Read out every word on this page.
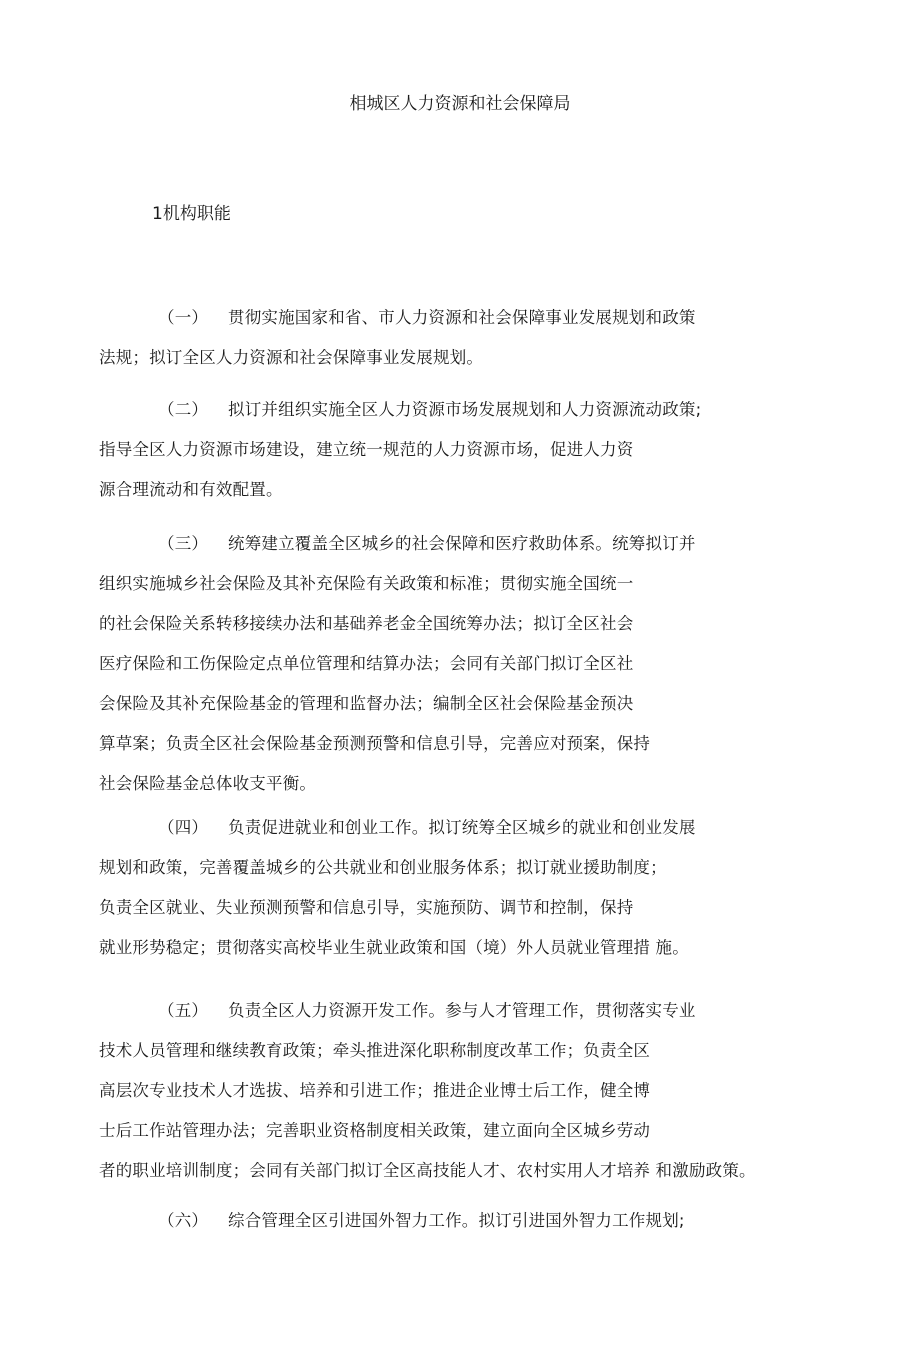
相城区人力资源和社会保障局
1机构职能
（一） 贯彻实施国家和省、市人力资源和社会保障事业发展规划和政策
法规；拟订全区人力资源和社会保障事业发展规划。
（二） 拟订并组织实施全区人力资源市场发展规划和人力资源流动政策;
指导全区人力资源市场建设，建立统一规范的人力资源市场，促进人力资
源合理流动和有效配置。
（三） 统筹建立覆盖全区城乡的社会保障和医疗救助体系。统筹拟订并
组织实施城乡社会保险及其补充保险有关政策和标准；贯彻实施全国统一
的社会保险关系转移接续办法和基础养老金全国统筹办法；拟订全区社会
医疗保险和工伤保险定点单位管理和结算办法；会同有关部门拟订全区社
会保险及其补充保险基金的管理和监督办法；编制全区社会保险基金预决
算草案；负责全区社会保险基金预测预警和信息引导，完善应对预案，保持
社会保险基金总体收支平衡。
（四） 负责促进就业和创业工作。拟订统筹全区城乡的就业和创业发展
规划和政策，完善覆盖城乡的公共就业和创业服务体系；拟订就业援助制度；
负责全区就业、失业预测预警和信息引导，实施预防、调节和控制，保持
就业形势稳定；贯彻落实高校毕业生就业政策和国（境）外人员就业管理措 施。
（五） 负责全区人力资源开发工作。参与人才管理工作，贯彻落实专业
技术人员管理和继续教育政策；牵头推进深化职称制度改革工作；负责全区
高层次专业技术人才选拔、培养和引进工作；推进企业博士后工作，健全博
士后工作站管理办法；完善职业资格制度相关政策，建立面向全区城乡劳动
者的职业培训制度；会同有关部门拟订全区高技能人才、农村实用人才培养 和激励政策。
（六） 综合管理全区引进国外智力工作。拟订引进国外智力工作规划;
